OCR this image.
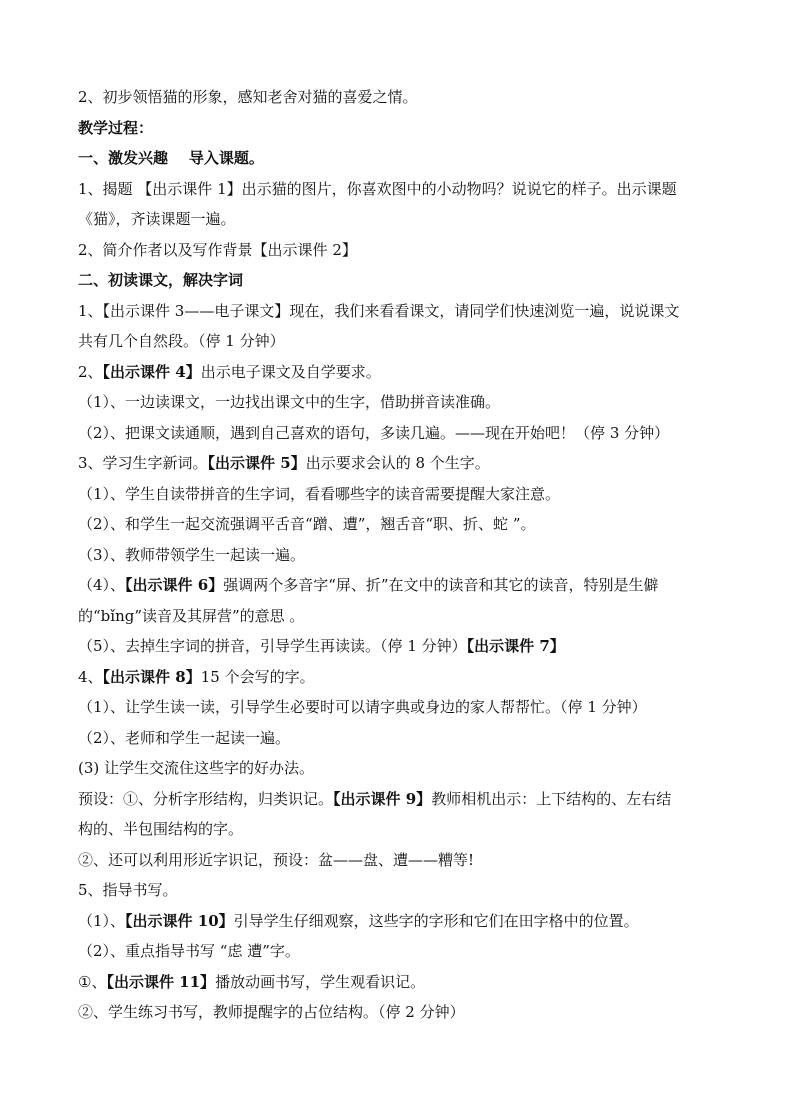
2、初步领悟猫的形象，感知老舍对猫的喜爱之情。
教学过程：
一、激发兴趣    导入课题。
1、揭题 【出示课件 1】出示猫的图片，你喜欢图中的小动物吗？说说它的样子。出示课题
《猫》，齐读课题一遍。
2、简介作者以及写作背景【出示课件 2】
二、初读课文，解决字词
1、【出示课件 3——电子课文】现在，我们来看看课文，请同学们快速浏览一遍，说说课文
共有几个自然段。（停 1 分钟）
2、【出示课件 4】出示电子课文及自学要求。
（1）、一边读课文，一边找出课文中的生字，借助拼音读准确。
（2）、把课文读通顺，遇到自己喜欢的语句，多读几遍。——现在开始吧！（停 3 分钟）
3、学习生字新词。【出示课件 5】出示要求会认的 8 个生字。
（1）、学生自读带拼音的生字词，看看哪些字的读音需要提醒大家注意。
（2）、和学生一起交流强调平舌音“蹭、遭”，翘舌音“职、折、蛇 ”。
（3）、教师带领学生一起读一遍。
（4）、【出示课件 6】强调两个多音字“屏、折”在文中的读音和其它的读音，特别是生僻
的“bǐng”读音及其屏营”的意思 。
（5）、去掉生字词的拼音，引导学生再读读。（停 1 分钟）【出示课件 7】
4、【出示课件 8】15 个会写的字。
（1）、让学生读一读，引导学生必要时可以请字典或身边的家人帮帮忙。（停 1 分钟）
（2）、老师和学生一起读一遍。
(3) 让学生交流住这些字的好办法。
预设：①、分析字形结构，归类识记。【出示课件 9】教师相机出示：上下结构的、左右结
构的、半包围结构的字。
②、还可以利用形近字识记，预设：盆——盘、遭——糟等!
5、指导书写。
（1）、【出示课件 10】引导学生仔细观察，这些字的字形和它们在田字格中的位置。
（2）、重点指导书写 “虑 遭”字。
①、【出示课件 11】播放动画书写，学生观看识记。
②、学生练习书写，教师提醒字的占位结构。（停 2 分钟）
